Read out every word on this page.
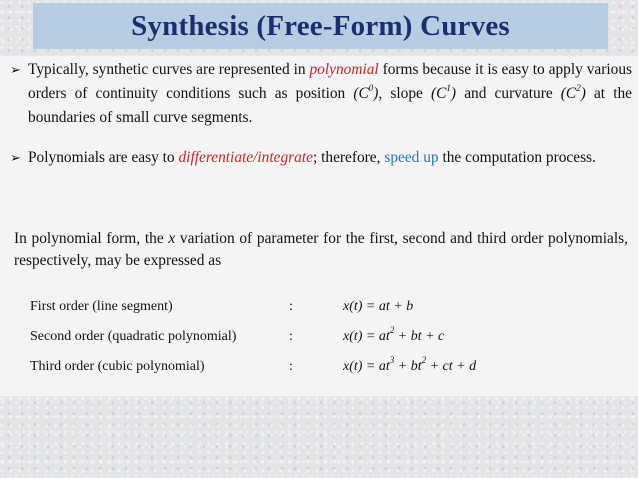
Synthesis (Free-Form) Curves
➢ Typically, synthetic curves are represented in polynomial forms because it is easy to apply various orders of continuity conditions such as position $(C^0)$, slope $(C^1)$ and curvature $(C^2)$ at the boundaries of small curve segments.
➢ Polynomials are easy to differentiate/integrate; therefore, speed up the computation process.
In polynomial form, the x variation of parameter for the first, second and third order polynomials, respectively, may be expressed as
First order (line segment)	:	x(t) = at + b
Second order (quadratic polynomial)	:	$x(t) = at^2$ + bt + c
Third order (cubic polynomial)	:	$x(t) = at^3 + bt^2$ + ct + d
